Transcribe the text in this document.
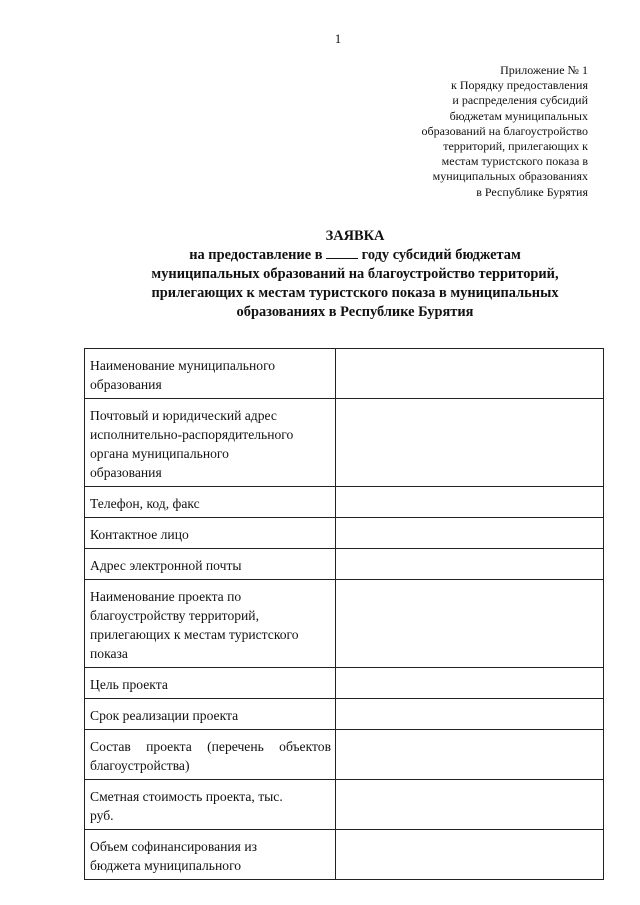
1
Приложение № 1
к Порядку предоставления
и распределения субсидий
бюджетам муниципальных
образований на благоустройство
территорий, прилегающих к
местам туристского показа в
муниципальных образованиях
в Республике Бурятия
ЗАЯВКА
на предоставление в  году субсидий бюджетам
муниципальных образований на благоустройство территорий,
прилегающих к местам туристского показа в муниципальных
образованиях в Республике Бурятия
Наименование муниципального
образования	

Почтовый и юридический адрес
исполнительно-распорядительного
органа муниципального
образования	

Телефон, код, факс	

Контактное лицо	

Адрес электронной почты	

Наименование проекта по
благоустройству территорий,
прилегающих к местам туристского
показа	

Цель проекта	

Срок реализации проекта	

Состав проекта (перечень объектов
благоустройства)	

Сметная стоимость проекта, тыс.
руб.	

Объем софинансирования из
бюджета муниципального	
